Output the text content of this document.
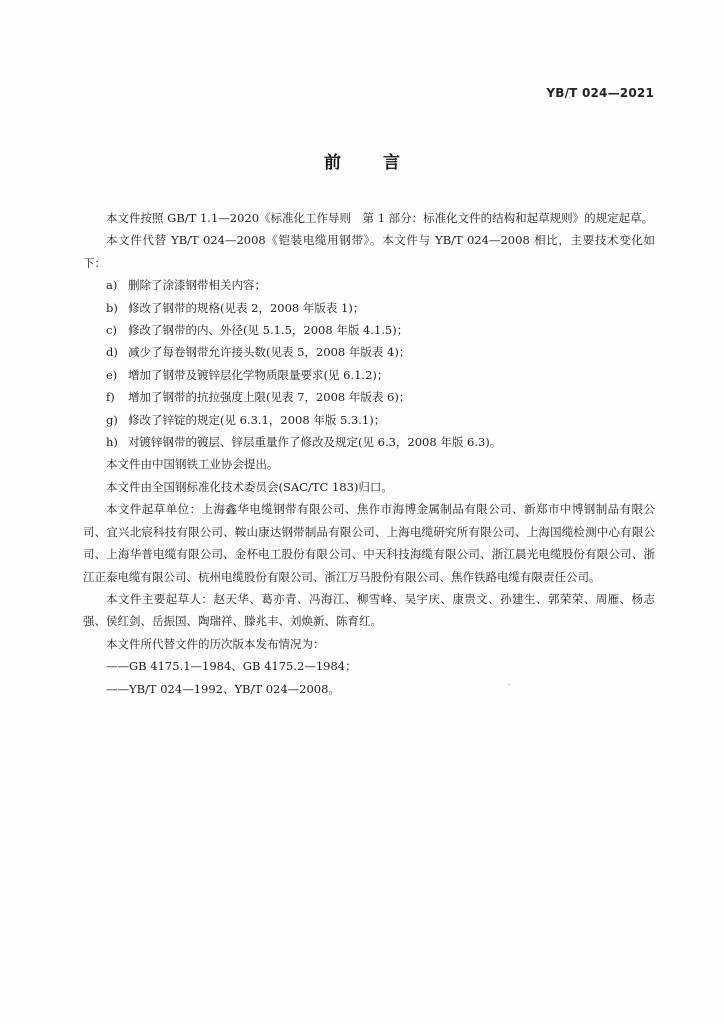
YB/T 024—2021
前言

本文件按照 GB/T 1.1—2020《标准化工作导则　第 1 部分：标准化文件的结构和起草规则》的规定起草。

本文件代替 YB/T 024—2008《铠装电缆用钢带》。本文件与 YB/T 024—2008 相比，主要技术变化如下：

a) 删除了涂漆钢带相关内容；

b) 修改了钢带的规格(见表 2，2008 年版表 1)；

c) 修改了钢带的内、外径(见 5.1.5，2008 年版 4.1.5)；

d) 减少了每卷钢带允许接头数(见表 5，2008 年版表 4)；

e) 增加了钢带及镀锌层化学物质限量要求(见 6.1.2)；

f) 增加了钢带的抗拉强度上限(见表 7，2008 年版表 6)；

g) 修改了锌锭的规定(见 6.3.1，2008 年版 5.3.1)；

h) 对镀锌钢带的镀层、锌层重量作了修改及规定(见 6.3，2008 年版 6.3)。

本文件由中国钢铁工业协会提出。

本文件由全国钢标准化技术委员会(SAC/TC 183)归口。

本文件起草单位：上海鑫华电缆钢带有限公司、焦作市海博金属制品有限公司、新郑市中博钢制品有限公司、宜兴北宸科技有限公司、鞍山康达钢带制品有限公司、上海电缆研究所有限公司、上海国缆检测中心有限公司、上海华普电缆有限公司、金杯电工股份有限公司、中天科技海缆有限公司、浙江晨光电缆股份有限公司、浙江正泰电缆有限公司、杭州电缆股份有限公司、浙江万马股份有限公司、焦作铁路电缆有限责任公司。

本文件主要起草人：赵天华、葛亦青、冯海江、柳雪峰、吴宇庆、康贵文、孙建生、郭荣荣、周雁、杨志强、侯红剑、岳振国、陶瑞祥、滕兆丰、刘焕新、陈育红。

本文件所代替文件的历次版本发布情况为：

——GB 4175.1—1984、GB 4175.2—1984；

——YB/T 024—1992、YB/T 024—2008。
